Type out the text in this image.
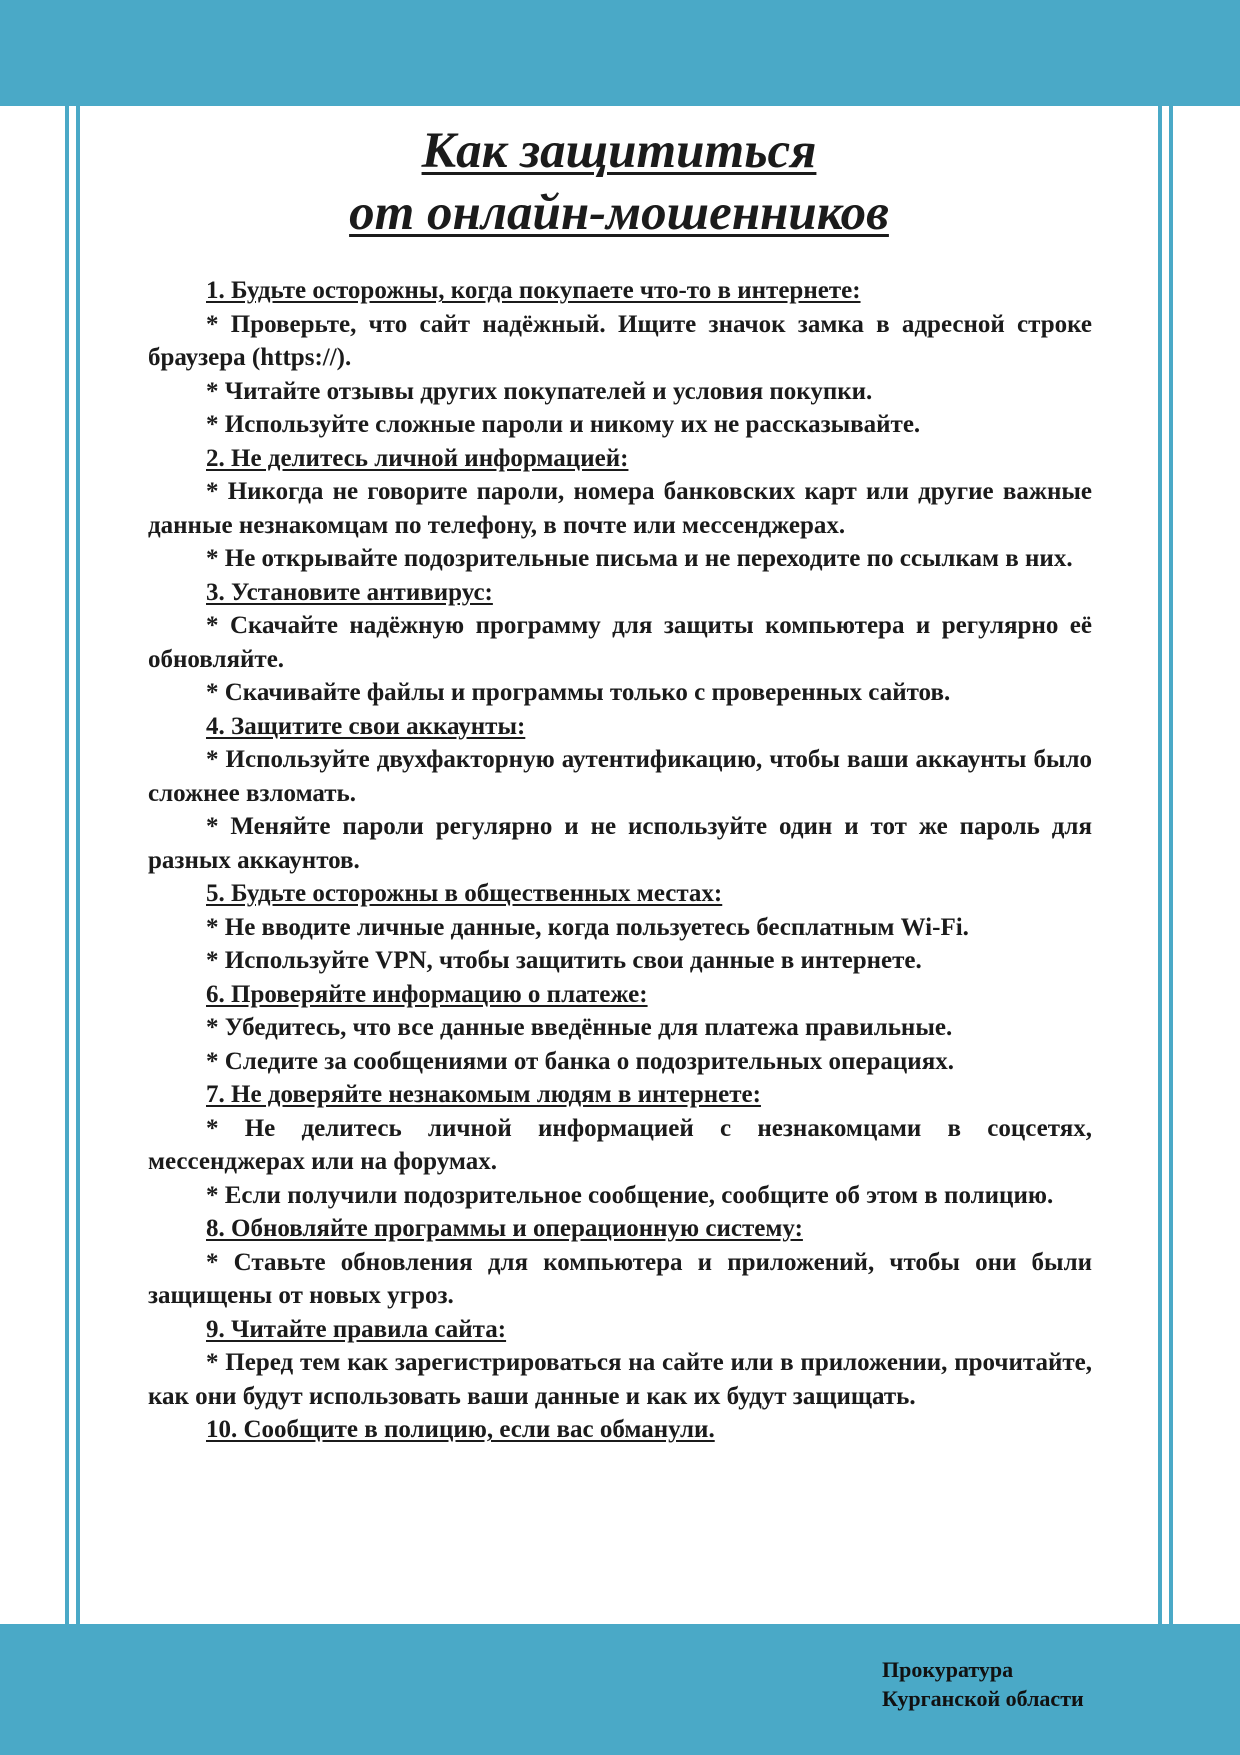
Как защититься
от онлайн-мошенников

1. Будьте осторожны, когда покупаете что-то в интернете:

* Проверьте, что сайт надёжный. Ищите значок замка в адресной строке браузера (https://).

* Читайте отзывы других покупателей и условия покупки.

* Используйте сложные пароли и никому их не рассказывайте.

2. Не делитесь личной информацией:

* Никогда не говорите пароли, номера банковских карт или другие важные данные незнакомцам по телефону, в почте или мессенджерах.

* Не открывайте подозрительные письма и не переходите по ссылкам в них.

3. Установите антивирус:

* Скачайте надёжную программу для защиты компьютера и регулярно её обновляйте.

* Скачивайте файлы и программы только с проверенных сайтов.

4. Защитите свои аккаунты:

* Используйте двухфакторную аутентификацию, чтобы ваши аккаунты было сложнее взломать.

* Меняйте пароли регулярно и не используйте один и тот же пароль для разных аккаунтов.

5. Будьте осторожны в общественных местах:

* Не вводите личные данные, когда пользуетесь бесплатным Wi-Fi.

* Используйте VPN, чтобы защитить свои данные в интернете.

6. Проверяйте информацию о платеже:

* Убедитесь, что все данные введённые для платежа правильные.

* Следите за сообщениями от банка о подозрительных операциях.

7. Не доверяйте незнакомым людям в интернете:

* Не делитесь личной информацией с незнакомцами в соцсетях, мессенджерах или на форумах.

* Если получили подозрительное сообщение, сообщите об этом в полицию.

8. Обновляйте программы и операционную систему:

* Ставьте обновления для компьютера и приложений, чтобы они были защищены от новых угроз.

9. Читайте правила сайта:

* Перед тем как зарегистрироваться на сайте или в приложении, прочитайте, как они будут использовать ваши данные и как их будут защищать.

10. Сообщите в полицию, если вас обманули.

Прокуратура
Курганской области
